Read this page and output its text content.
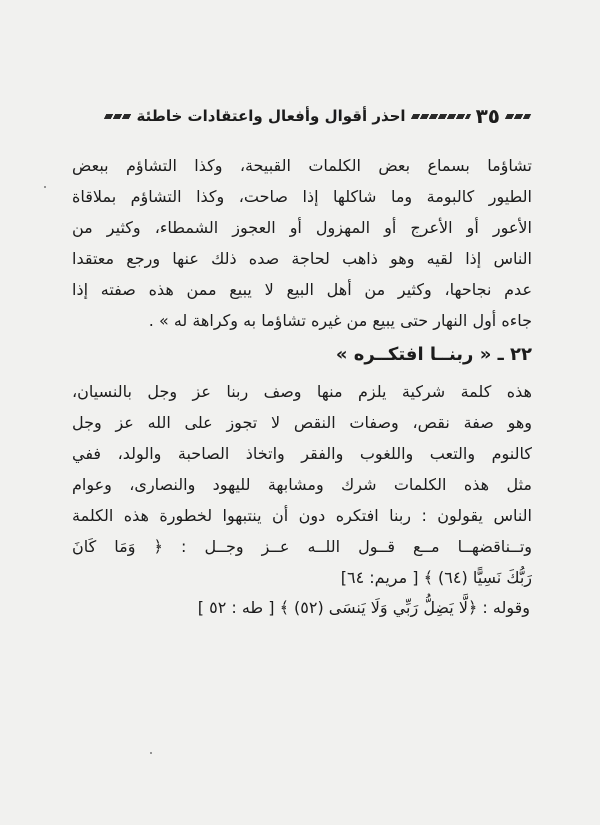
٣٥
احذر أقوال وأفعال واعتقادات خاطئة
تشاؤما بسماع بعض الكلمات القبيحة، وكذا التشاؤم ببعض
الطيور كالبومة وما شاكلها إذا صاحت، وكذا التشاؤم بملاقاة
الأعور أو الأعرج أو المهزول أو العجوز الشمطاء، وكثير من
الناس إذا لقيه وهو ذاهب لحاجة صده ذلك عنها ورجع معتقدا
عدم نجاحها، وكثير من أهل البيع لا يبيع ممن هذه صفته إذا
جاءه أول النهار حتى يبيع من غيره تشاؤما به وكراهة له » .
٢٢ ـ « ربنــا افتكــره »
هذه كلمة شركية يلزم منها وصف ربنا عز وجل بالنسيان،
وهو صفة نقص، وصفات النقص لا تجوز على الله عز وجل
كالنوم والتعب واللغوب والفقر واتخاذ الصاحبة والولد، ففي
مثل هذه الكلمات شرك ومشابهة لليهود والنصارى، وعوام
الناس يقولون : ربنا افتكره دون أن ينتبهوا لخطورة هذه الكلمة
وتــناقضهــا مــع قــول اللــه عــز وجــل : ﴿ وَمَا كَانَ
رَبُّكَ نَسِيًّا (٦٤) ﴾ [ مريم: ٦٤]
وقوله : ﴿لَّا يَضِلُّ رَبِّي وَلَا يَنسَى (٥٢) ﴾ [ طه : ٥٢ ]
